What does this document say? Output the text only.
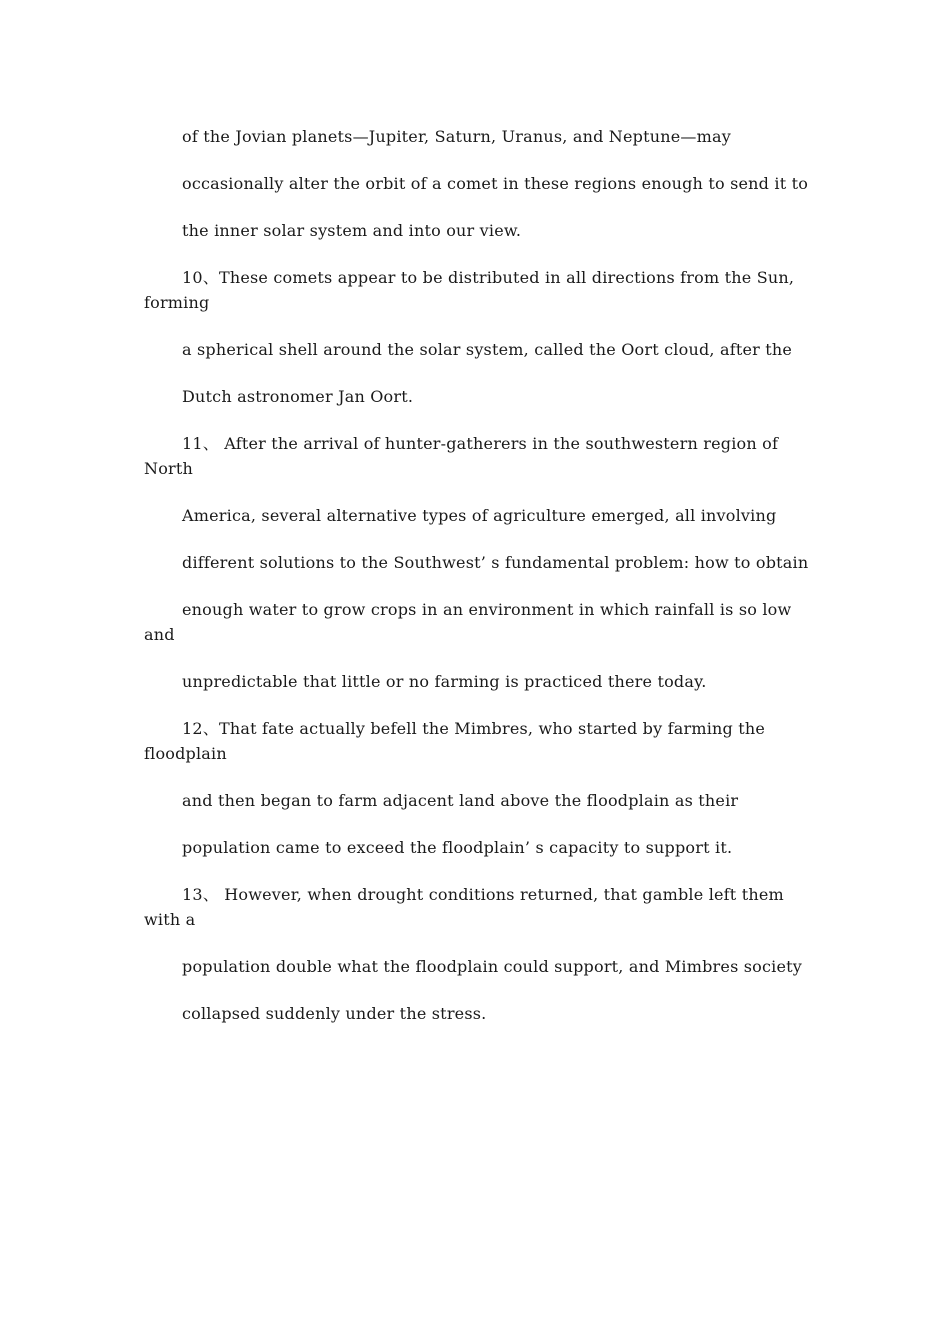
of the Jovian planets—Jupiter, Saturn, Uranus, and Neptune—may

occasionally alter the orbit of a comet in these regions enough to send it to

the inner solar system and into our view.

10、These comets appear to be distributed in all directions from the Sun, forming

a spherical shell around the solar system, called the Oort cloud, after the

Dutch astronomer Jan Oort.

11、 After the arrival of hunter-gatherers in the southwestern region of North

America, several alternative types of agriculture emerged, all involving

different solutions to the Southwest’ s fundamental problem: how to obtain

enough water to grow crops in an environment in which rainfall is so low and

unpredictable that little or no farming is practiced there today.

12、That fate actually befell the Mimbres, who started by farming the floodplain

and then began to farm adjacent land above the floodplain as their

population came to exceed the floodplain’ s capacity to support it.

13、 However, when drought conditions returned, that gamble left them with a

population double what the floodplain could support, and Mimbres society

collapsed suddenly under the stress.
